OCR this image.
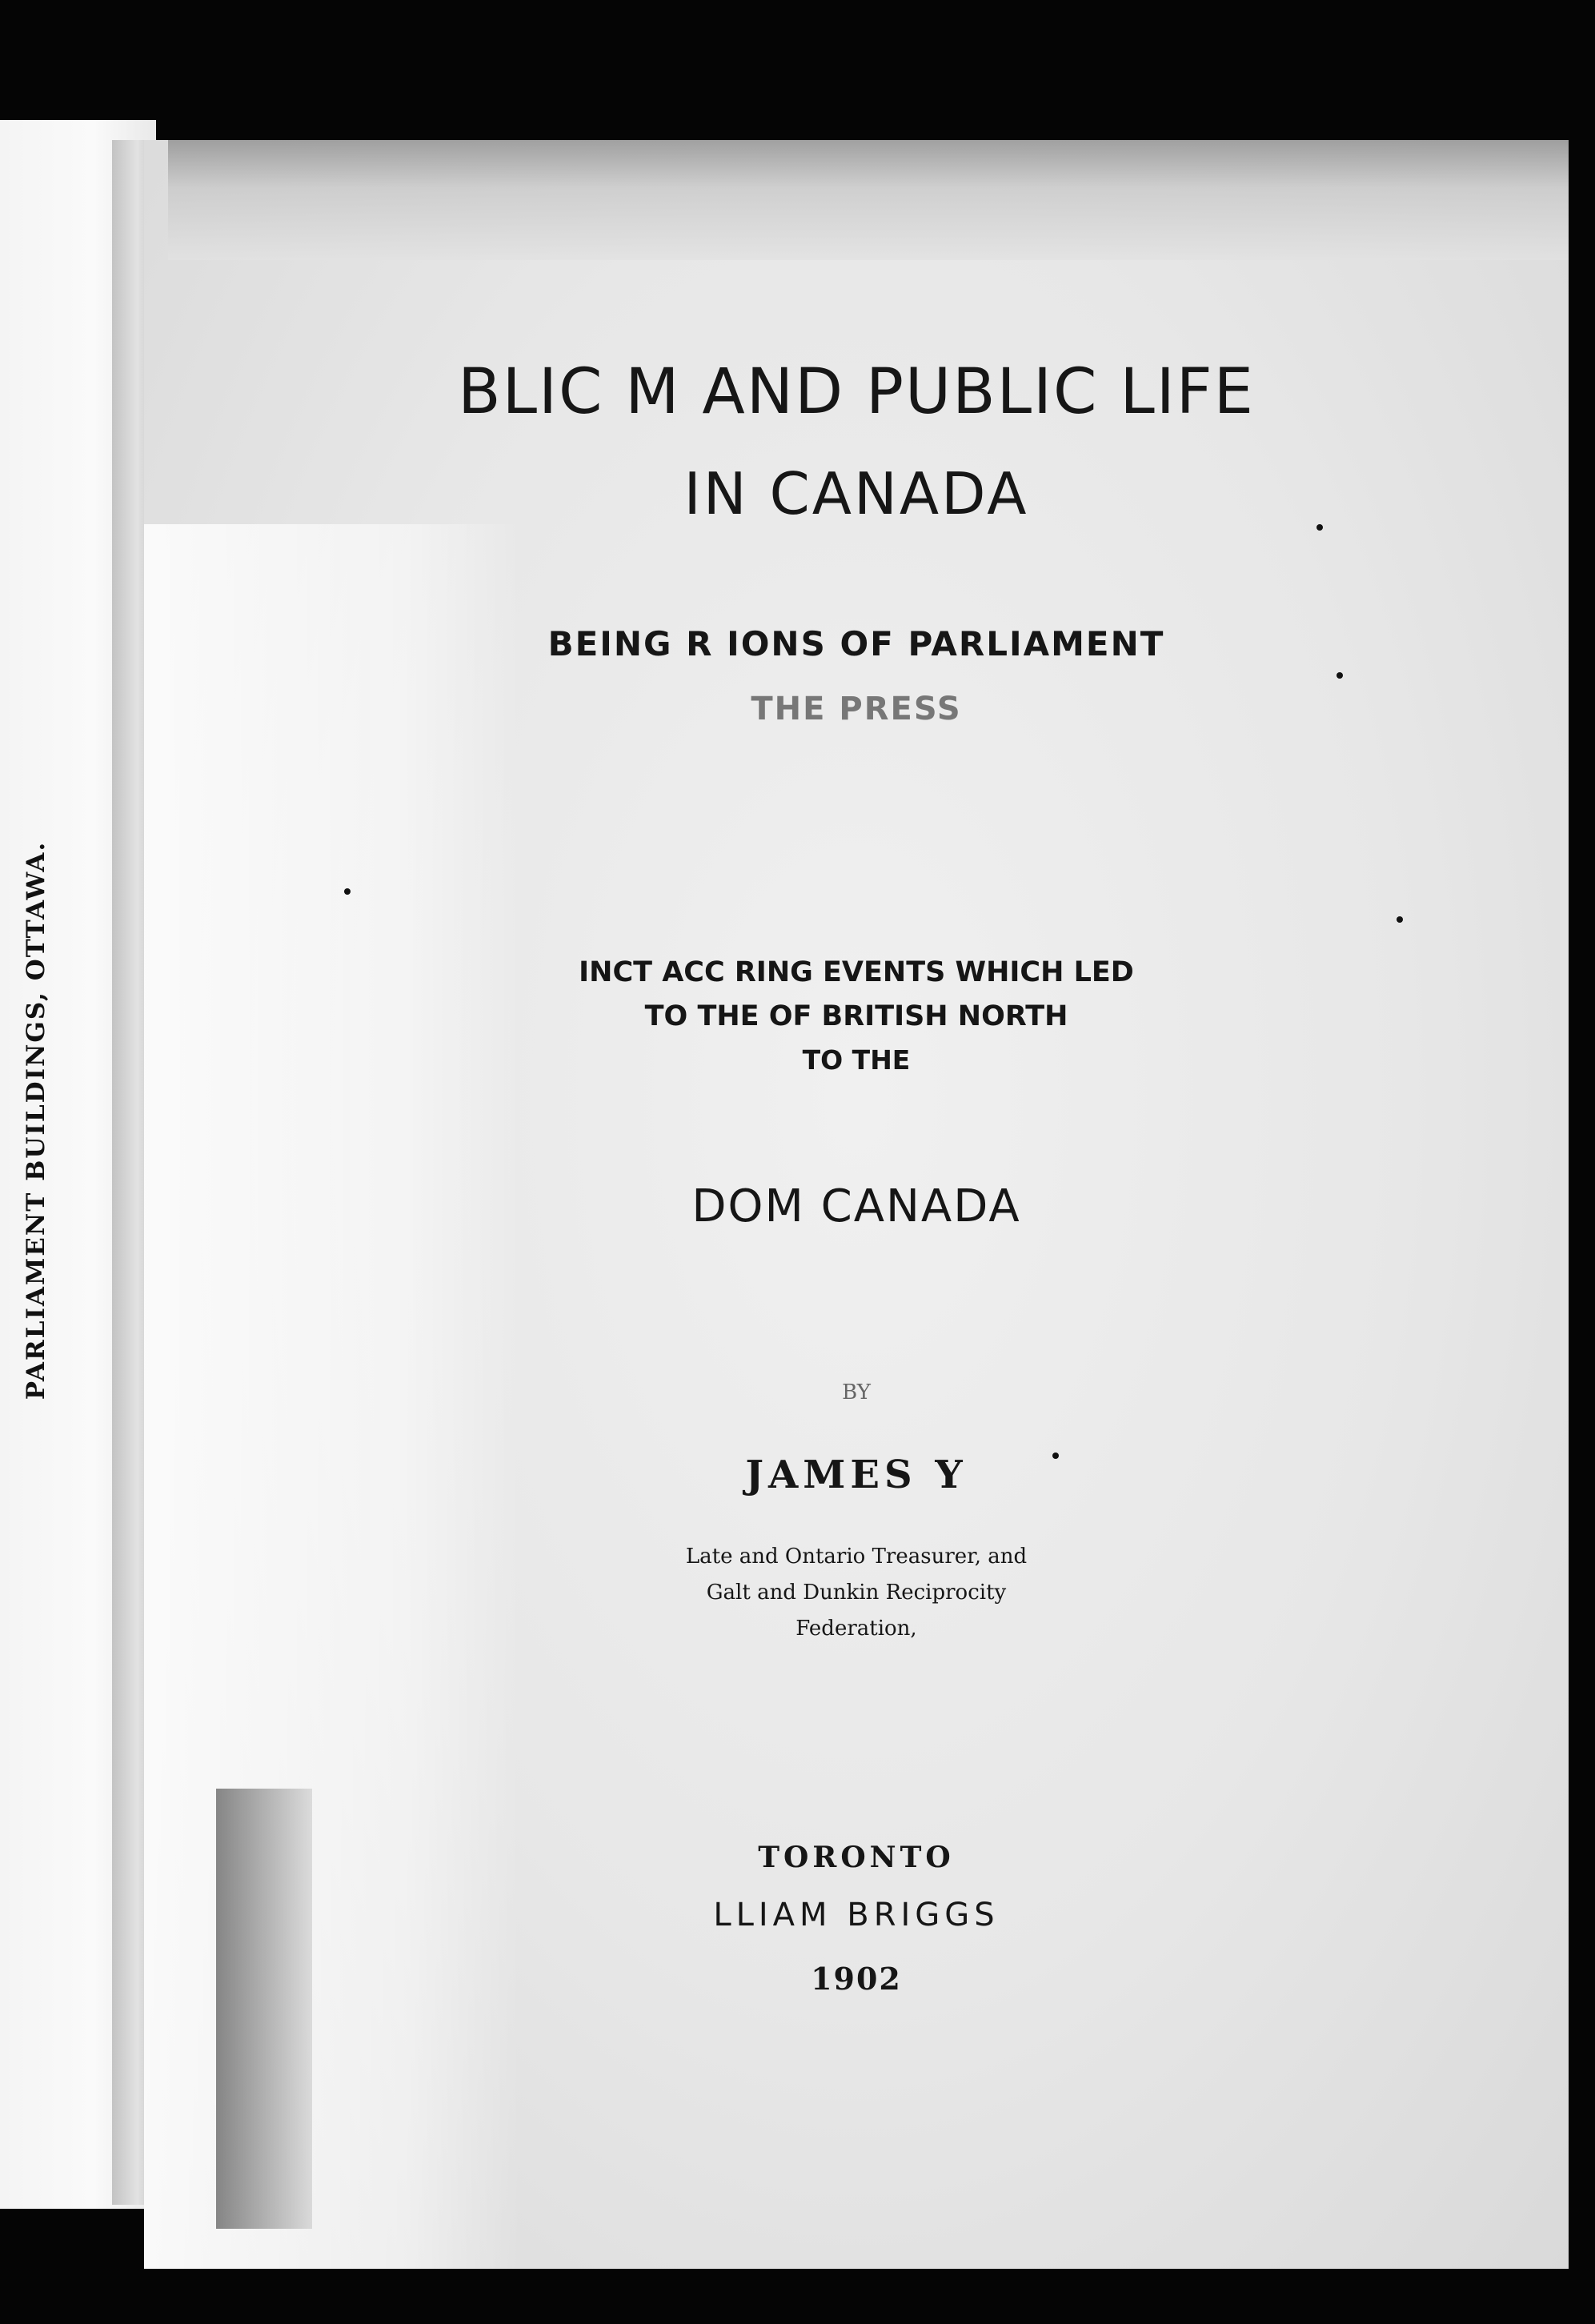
PARLIAMENT BUILDINGS, OTTAWA.
BLIC M AND PUBLIC LIFE
IN CANADA
BEING R IONS OF PARLIAMENT
THE PRESS
INCT ACC RING EVENTS WHICH LED
TO THE OF BRITISH NORTH
TO THE
DOM CANADA
BY
JAMES Y
Late and Ontario Treasurer, and
Galt and Dunkin Reciprocity
Federation,
TORONTO
LLIAM BRIGGS
1902
